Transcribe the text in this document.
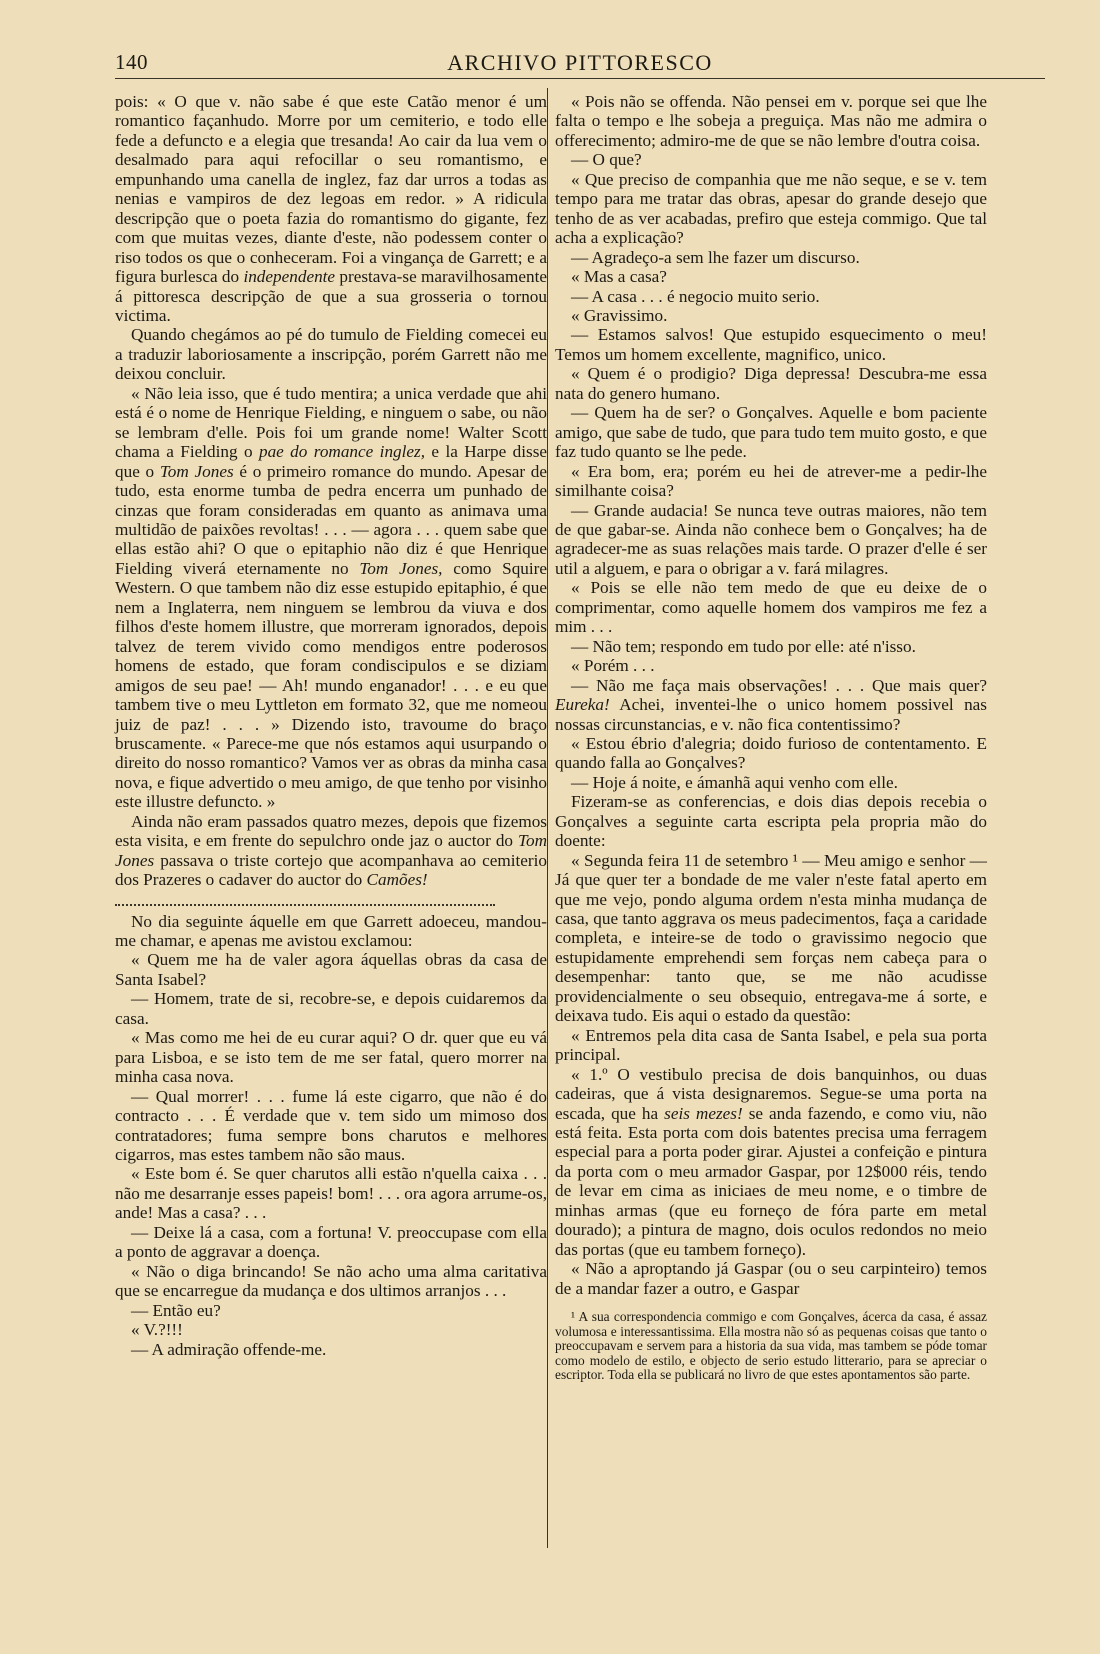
140	ARCHIVO PITTORESCO

pois: « O que v. não sabe é que este Catão menor é um romantico façanhudo. Morre por um cemiterio, e todo elle fede a defuncto e a elegia que tresanda! Ao cair da lua vem o desalmado para aqui refocillar o seu romantismo, e empunhando uma canella de inglez, faz dar urros a todas as nenias e vampiros de dez legoas em redor. » A ridicula descripção que o poeta fazia do romantismo do gigante, fez com que muitas vezes, diante d'este, não podessem conter o riso todos os que o conheceram. Foi a vingança de Garrett; e a figura burlesca do independente prestava-se maravilhosamente á pittoresca descripção de que a sua grosseria o tornou victima.

Quando chegámos ao pé do tumulo de Fielding comecei eu a traduzir laboriosamente a inscripção, porém Garrett não me deixou concluir.

« Não leia isso, que é tudo mentira; a unica verdade que ahi está é o nome de Henrique Fielding, e ninguem o sabe, ou não se lembram d'elle. Pois foi um grande nome! Walter Scott chama a Fielding o pae do romance inglez, e la Harpe disse que o Tom Jones é o primeiro romance do mundo. Apesar de tudo, esta enorme tumba de pedra encerra um punhado de cinzas que foram consideradas em quanto as animava uma multidão de paixões revoltas! . . . — agora . . . quem sabe que ellas estão ahi? O que o epitaphio não diz é que Henrique Fielding viverá eternamente no Tom Jones, como Squire Western. O que tambem não diz esse estupido epitaphio, é que nem a Inglaterra, nem ninguem se lembrou da viuva e dos filhos d'este homem illustre, que morreram ignorados, depois talvez de terem vivido como mendigos entre poderosos homens de estado, que foram condiscipulos e se diziam amigos de seu pae! — Ah! mundo enganador! . . . e eu que tambem tive o meu Lyttleton em formato 32, que me nomeou juiz de paz! . . . » Dizendo isto, travoume do braço bruscamente. « Parece-me que nós estamos aqui usurpando o direito do nosso romantico? Vamos ver as obras da minha casa nova, e fique advertido o meu amigo, de que tenho por visinho este illustre defuncto. »

Ainda não eram passados quatro mezes, depois que fizemos esta visita, e em frente do sepulchro onde jaz o auctor do Tom Jones passava o triste cortejo que acompanhava ao cemiterio dos Prazeres o cadaver do auctor do Camões!

No dia seguinte áquelle em que Garrett adoeceu, mandou-me chamar, e apenas me avistou exclamou:

« Quem me ha de valer agora áquellas obras da casa de Santa Isabel?

— Homem, trate de si, recobre-se, e depois cuidaremos da casa.

« Mas como me hei de eu curar aqui? O dr. quer que eu vá para Lisboa, e se isto tem de me ser fatal, quero morrer na minha casa nova.

— Qual morrer! . . . fume lá este cigarro, que não é do contracto . . . É verdade que v. tem sido um mimoso dos contratadores; fuma sempre bons charutos e melhores cigarros, mas estes tambem não são maus.

« Este bom é. Se quer charutos alli estão n'quella caixa . . . não me desarranje esses papeis! bom! . . . ora agora arrume-os, ande! Mas a casa? . . .

— Deixe lá a casa, com a fortuna! V. preoccupase com ella a ponto de aggravar a doença.

« Não o diga brincando! Se não acho uma alma caritativa que se encarregue da mudança e dos ultimos arranjos . . .

— Então eu?

« V.?!!!

— A admiração offende-me.

« Pois não se offenda. Não pensei em v. porque sei que lhe falta o tempo e lhe sobeja a preguiça. Mas não me admira o offerecimento; admiro-me de que se não lembre d'outra coisa.

— O que?

« Que preciso de companhia que me não seque, e se v. tem tempo para me tratar das obras, apesar do grande desejo que tenho de as ver acabadas, prefiro que esteja commigo. Que tal acha a explicação?

— Agradeço-a sem lhe fazer um discurso.

« Mas a casa?

— A casa . . . é negocio muito serio.

« Gravissimo.

— Estamos salvos! Que estupido esquecimento o meu! Temos um homem excellente, magnifico, unico.

« Quem é o prodigio? Diga depressa! Descubra-me essa nata do genero humano.

— Quem ha de ser? o Gonçalves. Aquelle e bom paciente amigo, que sabe de tudo, que para tudo tem muito gosto, e que faz tudo quanto se lhe pede.

« Era bom, era; porém eu hei de atrever-me a pedir-lhe similhante coisa?

— Grande audacia! Se nunca teve outras maiores, não tem de que gabar-se. Ainda não conhece bem o Gonçalves; ha de agradecer-me as suas relações mais tarde. O prazer d'elle é ser util a alguem, e para o obrigar a v. fará milagres.

« Pois se elle não tem medo de que eu deixe de o comprimentar, como aquelle homem dos vampiros me fez a mim . . .

— Não tem; respondo em tudo por elle: até n'isso.

« Porém . . .

— Não me faça mais observações! . . . Que mais quer? Eureka! Achei, inventei-lhe o unico homem possivel nas nossas circunstancias, e v. não fica contentissimo?

« Estou ébrio d'alegria; doido furioso de contentamento. E quando falla ao Gonçalves?

— Hoje á noite, e ámanhã aqui venho com elle.

Fizeram-se as conferencias, e dois dias depois recebia o Gonçalves a seguinte carta escripta pela propria mão do doente:

« Segunda feira 11 de setembro ¹ — Meu amigo e senhor — Já que quer ter a bondade de me valer n'este fatal aperto em que me vejo, pondo alguma ordem n'esta minha mudança de casa, que tanto aggrava os meus padecimentos, faça a caridade completa, e inteire-se de todo o gravissimo negocio que estupidamente emprehendi sem forças nem cabeça para o desempenhar: tanto que, se me não acudisse providencialmente o seu obsequio, entregava-me á sorte, e deixava tudo. Eis aqui o estado da questão:

« Entremos pela dita casa de Santa Isabel, e pela sua porta principal.

« 1.º O vestibulo precisa de dois banquinhos, ou duas cadeiras, que á vista designaremos. Segue-se uma porta na escada, que ha seis mezes! se anda fazendo, e como viu, não está feita. Esta porta com dois batentes precisa uma ferragem especial para a porta poder girar. Ajustei a confeição e pintura da porta com o meu armador Gaspar, por 12$000 réis, tendo de levar em cima as iniciaes de meu nome, e o timbre de minhas armas (que eu forneço de fóra parte em metal dourado); a pintura de magno, dois oculos redondos no meio das portas (que eu tambem forneço).

« Não a aproptando já Gaspar (ou o seu carpinteiro) temos de a mandar fazer a outro, e Gaspar

¹ A sua correspondencia commigo e com Gonçalves, ácerca da casa, é assaz volumosa e interessantissima. Ella mostra não só as pequenas coisas que tanto o preoccupavam e servem para a historia da sua vida, mas tambem se póde tomar como modelo de estilo, e objecto de serio estudo litterario, para se apreciar o escriptor. Toda ella se publicará no livro de que estes apontamentos são parte.
